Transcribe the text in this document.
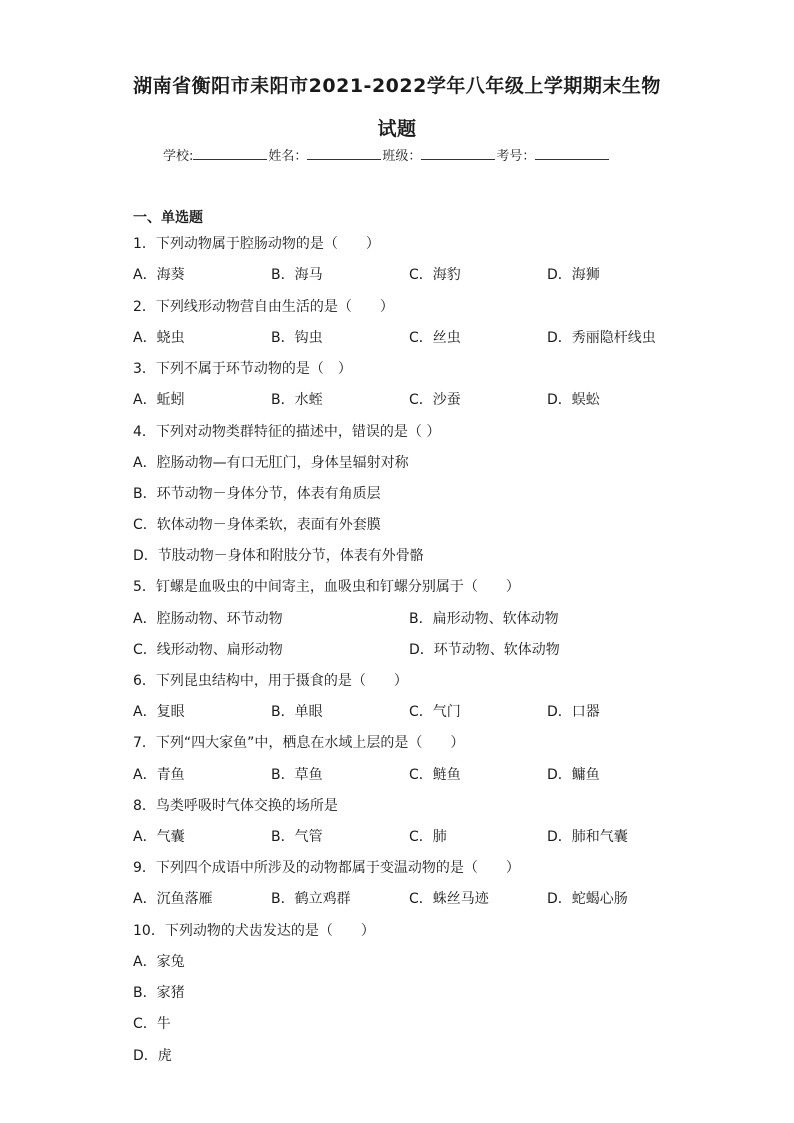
湖南省衡阳市耒阳市2021-2022学年八年级上学期期末生物
试题
学校:	姓名：	班级：	考号：
一、单选题
1．下列动物属于腔肠动物的是（　　）
A．海葵	B．海马	C．海豹	D．海狮
2．下列线形动物营自由生活的是（　　）
A．蛲虫	B．钩虫	C．丝虫	D．秀丽隐杆线虫
3．下列不属于环节动物的是（　）
A．蚯蚓	B．水蛭	C．沙蚕	D．蜈蚣
4．下列对动物类群特征的描述中，错误的是（ ）
A．腔肠动物—有口无肛门，身体呈辐射对称
B．环节动物－身体分节，体表有角质层
C．软体动物－身体柔软，表面有外套膜
D．节肢动物－身体和附肢分节，体表有外骨骼
5．钉螺是血吸虫的中间寄主，血吸虫和钉螺分别属于（　　）
A．腔肠动物、环节动物	B．扁形动物、软体动物
C．线形动物、扁形动物	D．环节动物、软体动物
6．下列昆虫结构中，用于摄食的是（　　）
A．复眼	B．单眼	C．气门	D．口器
7．下列“四大家鱼”中，栖息在水域上层的是（　　）
A．青鱼	B．草鱼	C．鲢鱼	D．鳙鱼
8．鸟类呼吸时气体交换的场所是
A．气囊	B．气管	C．肺	D．肺和气囊
9．下列四个成语中所涉及的动物都属于变温动物的是（　　）
A．沉鱼落雁	B．鹤立鸡群	C．蛛丝马迹	D．蛇蝎心肠
10．下列动物的犬齿发达的是（　　）
A．家兔
B．家猪
C．牛
D．虎
